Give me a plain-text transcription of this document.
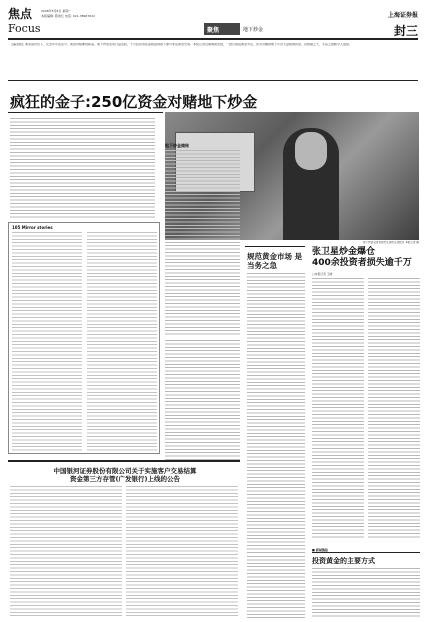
焦点
Focus
2008年5月8日 星期一
本版编辑: 陈建红 电话: 021-38967612
聚焦	地下炒金
上海证券报
封三
【编者按】黄金高价位下，从去年年底至今，黄金价格屡创新高，地下炒金活动日益活跃，不少投资者在高收益诱惑下参与非法黄金交易。本报记者近期调查发现，一批以现货黄金为名、实为对赌的地下平台大量吸纳资金，其规模之大、手法之隐蔽令人震惊。
疯狂的金子:250亿资金对赌地下炒金
地下炒金受害者徐先生讲述亲身经历 本报记者 摄
地下炒金揭秘
105 Mirror stories
规范黄金市场 是当务之急
张卫星炒金爆仓
400余投资者损失逾千万
□本报记者 王晓
中国银河证券股份有限公司关于实施客户交易结算
资金第三方存管(广发银行)上线的公告
■ 新闻链接
投资黄金的主要方式
